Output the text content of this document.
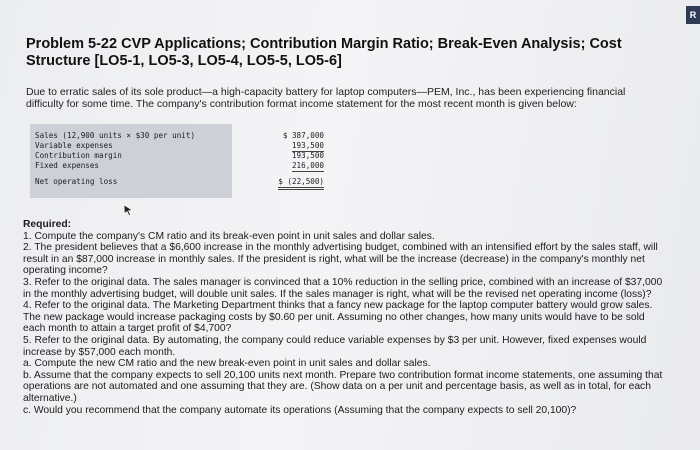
R
Problem 5-22 CVP Applications; Contribution Margin Ratio; Break-Even Analysis; Cost Structure [LO5-1, LO5-3, LO5-4, LO5-5, LO5-6]
Due to erratic sales of its sole product—a high-capacity battery for laptop computers—PEM, Inc., has been experiencing financial difficulty for some time. The company's contribution format income statement for the most recent month is given below:
Sales (12,900 units × $30 per unit)
Variable expenses
Contribution margin
Fixed expenses
Net operating loss
$ 387,000
193,500
193,500
216,000
$ (22,500)

Required:

1. Compute the company's CM ratio and its break-even point in unit sales and dollar sales.

2. The president believes that a $6,600 increase in the monthly advertising budget, combined with an intensified effort by the sales staff, will result in an $87,000 increase in monthly sales. If the president is right, what will be the increase (decrease) in the company's monthly net operating income?

3. Refer to the original data. The sales manager is convinced that a 10% reduction in the selling price, combined with an increase of $37,000 in the monthly advertising budget, will double unit sales. If the sales manager is right, what will be the revised net operating income (loss)?

4. Refer to the original data. The Marketing Department thinks that a fancy new package for the laptop computer battery would grow sales. The new package would increase packaging costs by $0.60 per unit. Assuming no other changes, how many units would have to be sold each month to attain a target profit of $4,700?

5. Refer to the original data. By automating, the company could reduce variable expenses by $3 per unit. However, fixed expenses would increase by $57,000 each month.

a. Compute the new CM ratio and the new break-even point in unit sales and dollar sales.

b. Assume that the company expects to sell 20,100 units next month. Prepare two contribution format income statements, one assuming that operations are not automated and one assuming that they are. (Show data on a per unit and percentage basis, as well as in total, for each alternative.)

c. Would you recommend that the company automate its operations (Assuming that the company expects to sell 20,100)?
